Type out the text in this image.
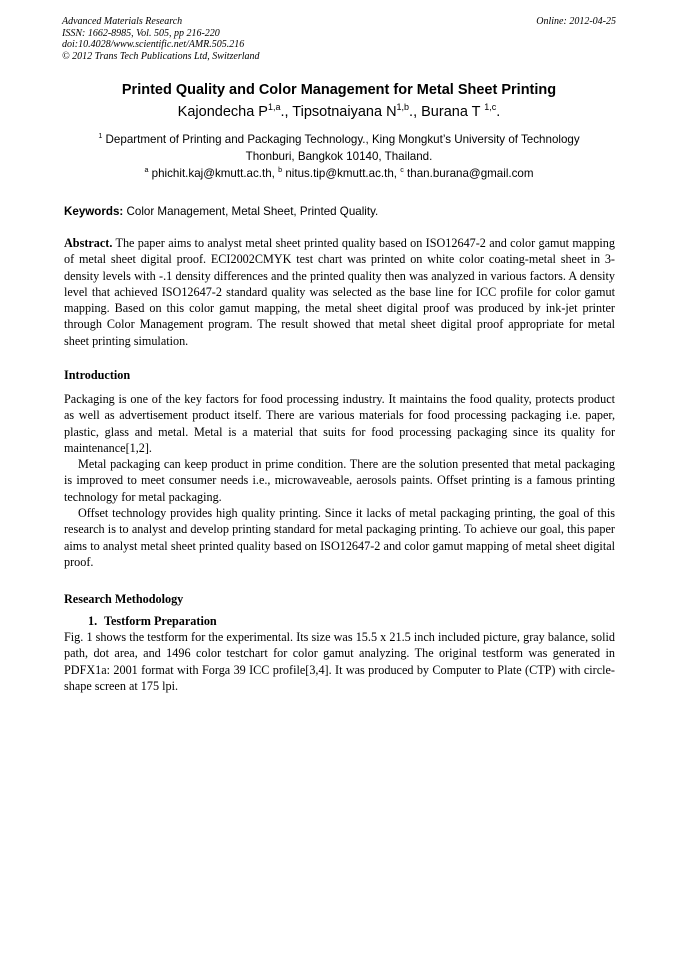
Advanced Materials Research
ISSN: 1662-8985, Vol. 505, pp 216-220
doi:10.4028/www.scientific.net/AMR.505.216
© 2012 Trans Tech Publications Ltd, Switzerland
Online: 2012-04-25
Printed Quality and Color Management for Metal Sheet Printing
Kajondecha P$^{1,a}$., Tipsotnaiyana N$^{1,b}$., Burana T $^{1,c}$.
$^1$ Department of Printing and Packaging Technology., King Mongkut’s University of Technology
Thonburi, Bangkok 10140, Thailand.
$^a$ phichit.kaj@kmutt.ac.th, $^b$ nitus.tip@kmutt.ac.th, $^c$ than.burana@gmail.com
Keywords: Color Management, Metal Sheet, Printed Quality.
Abstract. The paper aims to analyst metal sheet printed quality based on ISO12647-2 and color gamut mapping of metal sheet digital proof. ECI2002CMYK test chart was printed on white color coating-metal sheet in 3-density levels with -.1 density differences and the printed quality then was analyzed in various factors. A density level that achieved ISO12647-2 standard quality was selected as the base line for ICC profile for color gamut mapping. Based on this color gamut mapping, the metal sheet digital proof was produced by ink-jet printer through Color Management program. The result showed that metal sheet digital proof appropriate for metal sheet printing simulation.
Introduction

Packaging is one of the key factors for food processing industry. It maintains the food quality, protects product as well as advertisement product itself. There are various materials for food processing packaging i.e. paper, plastic, glass and metal. Metal is a material that suits for food processing packaging since its quality for maintenance[1,2].

Metal packaging can keep product in prime condition. There are the solution presented that metal packaging is improved to meet consumer needs i.e., microwaveable, aerosols paints. Offset printing is a famous printing technology for metal packaging.

Offset technology provides high quality printing. Since it lacks of metal packaging printing, the goal of this research is to analyst and develop printing standard for metal packaging printing. To achieve our goal, this paper aims to analyst metal sheet printed quality based on ISO12647-2 and color gamut mapping of metal sheet digital proof.

Research Methodology
1. Testform Preparation
Fig. 1 shows the testform for the experimental. Its size was 15.5 x 21.5 inch included picture, gray balance, solid path, dot area, and 1496 color testchart for color gamut analyzing. The original testform was generated in PDFX1a: 2001 format with Forga 39 ICC profile[3,4]. It was produced by Computer to Plate (CTP) with circle-shape screen at 175 lpi.
